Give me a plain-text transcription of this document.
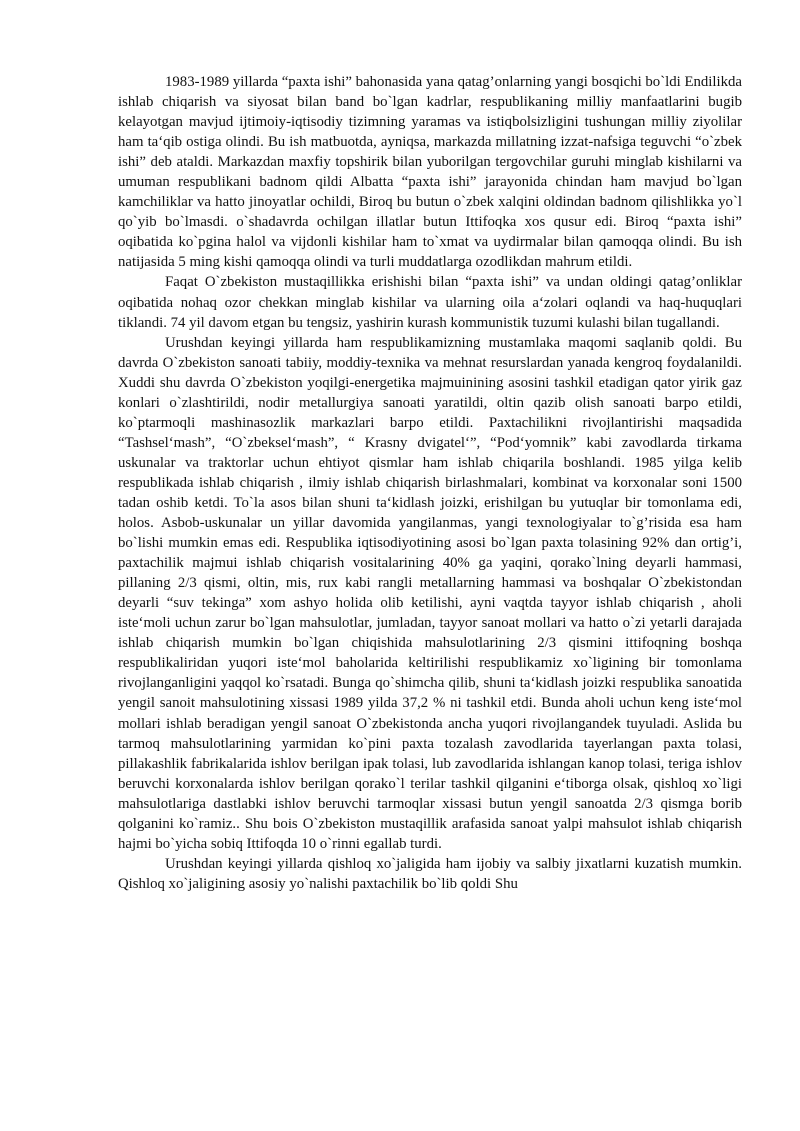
1983-1989 yillarda “paxta ishi” bahonasida yana qatag’onlarning yangi bosqichi bo`ldi Endilikda ishlab chiqarish va siyosat bilan band bo`lgan kadrlar, respublikaning milliy manfaatlarini bugib kelayotgan mavjud ijtimoiy-iqtisodiy tizimning yaramas va istiqbolsizligini tushungan milliy ziyolilar ham ta‘qib ostiga olindi. Bu ish matbuotda, ayniqsa, markazda millatning izzat-nafsiga teguvchi “o`zbek ishi” deb ataldi. Markazdan maxfiy topshirik bilan yuborilgan tergovchilar guruhi minglab kishilarni va umuman respublikani badnom qildi Albatta “paxta ishi” jarayonida chindan ham mavjud bo`lgan kamchiliklar va hatto jinoyatlar ochildi, Biroq bu butun o`zbek xalqini oldindan badnom qilishlikka yo`l qo`yib bo`lmasdi. o`shadavrda ochilgan illatlar butun Ittifoqka xos qusur edi. Biroq “paxta ishi” oqibatida ko`pgina halol va vijdonli kishilar ham to`xmat va uydirmalar bilan qamoqqa olindi. Bu ish natijasida 5 ming kishi qamoqqa olindi va turli muddatlarga ozodlikdan mahrum etildi.

Faqat O`zbekiston mustaqillikka erishishi bilan “paxta ishi” va undan oldingi qatag’onliklar oqibatida nohaq ozor chekkan minglab kishilar va ularning oila a‘zolari oqlandi va haq-huquqlari tiklandi. 74 yil davom etgan bu tengsiz, yashirin kurash kommunistik tuzumi kulashi bilan tugallandi.

Urushdan keyingi yillarda ham respublikamizning mustamlaka maqomi saqlanib qoldi. Bu davrda O`zbekiston sanoati tabiiy, moddiy-texnika va mehnat resurslardan yanada kengroq foydalanildi. Xuddi shu davrda O`zbekiston yoqilgi-energetika majmuinining asosini tashkil etadigan qator yirik gaz konlari o`zlashtirildi, nodir metallurgiya sanoati yaratildi, oltin qazib olish sanoati barpo etildi, ko`ptarmoqli mashinasozlik markazlari barpo etildi. Paxtachilikni rivojlantirishi maqsadida “Tashsel‘mash”, “O`zbeksel‘mash”, “ Krasny dvigatel‘”, “Pod‘yomnik” kabi zavodlarda tirkama uskunalar va traktorlar uchun ehtiyot qismlar ham ishlab chiqarila boshlandi. 1985 yilga kelib respublikada ishlab chiqarish , ilmiy ishlab chiqarish birlashmalari, kombinat va korxonalar soni 1500 tadan oshib ketdi. To`la asos bilan shuni ta‘kidlash joizki, erishilgan bu yutuqlar bir tomonlama edi, holos. Asbob-uskunalar un yillar davomida yangilanmas, yangi texnologiyalar to`g’risida esa ham bo`lishi mumkin emas edi. Respublika iqtisodiyotining asosi bo`lgan paxta tolasining 92% dan ortig’i, paxtachilik majmui ishlab chiqarish vositalarining 40% ga yaqini, qorako`lning deyarli hammasi, pillaning 2/3 qismi, oltin, mis, rux kabi rangli metallarning hammasi va boshqalar O`zbekistondan deyarli “suv tekinga” xom ashyo holida olib ketilishi, ayni vaqtda tayyor ishlab chiqarish , aholi iste‘moli uchun zarur bo`lgan mahsulotlar, jumladan, tayyor sanoat mollari va hatto o`zi yetarli darajada ishlab chiqarish mumkin bo`lgan chiqishida mahsulotlarining 2/3 qismini ittifoqning boshqa respublikaliridan yuqori iste‘mol baholarida keltirilishi respublikamiz xo`ligining bir tomonlama rivojlanganligini yaqqol ko`rsatadi. Bunga qo`shimcha qilib, shuni ta‘kidlash joizki respublika sanoatida yengil sanoit mahsulotining xissasi 1989 yilda 37,2 % ni tashkil etdi. Bunda aholi uchun keng iste‘mol mollari ishlab beradigan yengil sanoat O`zbekistonda ancha yuqori rivojlangandek tuyuladi. Aslida bu tarmoq mahsulotlarining yarmidan ko`pini paxta tozalash zavodlarida tayerlangan paxta tolasi, pillakashlik fabrikalarida ishlov berilgan ipak tolasi, lub zavodlarida ishlangan kanop tolasi, teriga ishlov beruvchi korxonalarda ishlov berilgan qorako`l terilar tashkil qilganini e‘tiborga olsak, qishloq xo`ligi mahsulotlariga dastlabki ishlov beruvchi tarmoqlar xissasi butun yengil sanoatda 2/3 qismga borib qolganini ko`ramiz.. Shu bois O`zbekiston mustaqillik arafasida sanoat yalpi mahsulot ishlab chiqarish hajmi bo`yicha sobiq Ittifoqda 10 o`rinni egallab turdi.

Urushdan keyingi yillarda qishloq xo`jaligida ham ijobiy va salbiy jixatlarni kuzatish mumkin. Qishloq xo`jaligining asosiy yo`nalishi paxtachilik bo`lib qoldi Shu
